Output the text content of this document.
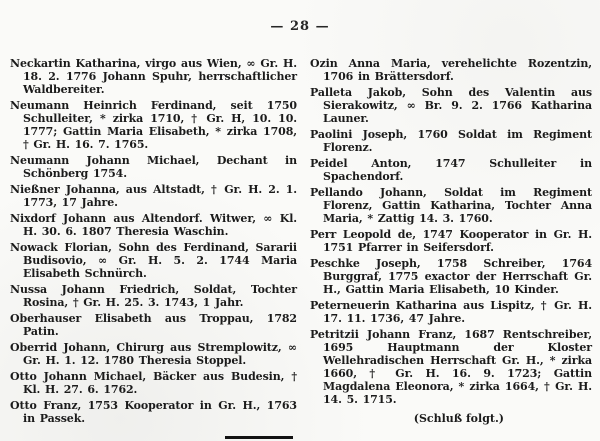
— 28 —

Neckartin Katharina, virgo aus Wien, ∞ Gr. H. 18. 2. 1776 Johann Spuhr, herrschaftlicher Waldbereiter.

Neumann Heinrich Ferdinand, seit 1750 Schulleiter, * zirka 1710, † Gr. H, 10. 10. 1777; Gattin Maria Elisabeth, * zirka 1708, † Gr. H. 16. 7. 1765.

Neumann Johann Michael, Dechant in Schönberg 1754.

Nießner Johanna, aus Altstadt, † Gr. H. 2. 1. 1773, 17 Jahre.

Nixdorf Johann aus Altendorf. Witwer, ∞ Kl. H. 30. 6. 1807 Theresia Waschin.

Nowack Florian, Sohn des Ferdinand, Sararii Budisovio, ∞ Gr. H. 5. 2. 1744 Maria Elisabeth Schnürch.

Nussa Johann Friedrich, Soldat, Tochter Rosina, † Gr. H. 25. 3. 1743, 1 Jahr.

Oberhauser Elisabeth aus Troppau, 1782 Patin.

Oberrid Johann, Chirurg aus Stremplowitz, ∞ Gr. H. 1. 12. 1780 Theresia Stoppel.

Otto Johann Michael, Bäcker aus Budesin, † Kl. H. 27. 6. 1762.

Otto Franz, 1753 Kooperator in Gr. H., 1763 in Passek.

Ozin Anna Maria, verehelichte Rozentzin, 1706 in Brättersdorf.

Palleta Jakob, Sohn des Valentin aus Sierakowitz, ∞ Br. 9. 2. 1766 Katharina Launer.

Paolini Joseph, 1760 Soldat im Regiment Florenz.

Peidel Anton, 1747 Schulleiter in Spachendorf.

Pellando Johann, Soldat im Regiment Florenz, Gattin Katharina, Tochter Anna Maria, * Zattig 14. 3. 1760.

Perr Leopold de, 1747 Kooperator in Gr. H. 1751 Pfarrer in Seifersdorf.

Peschke Joseph, 1758 Schreiber, 1764 Burggraf, 1775 exactor der Herrschaft Gr. H., Gattin Maria Elisabeth, 10 Kinder.

Peterneuerin Katharina aus Lispitz, † Gr. H. 17. 11. 1736, 47 Jahre.

Petritzii Johann Franz, 1687 Rentschreiber, 1695 Hauptmann der Kloster Wellehradischen Herrschaft Gr. H., * zirka 1660, † Gr. H. 16. 9. 1723; Gattin Magdalena Eleonora, * zirka 1664, † Gr. H. 14. 5. 1715.

(Schluß folgt.)
